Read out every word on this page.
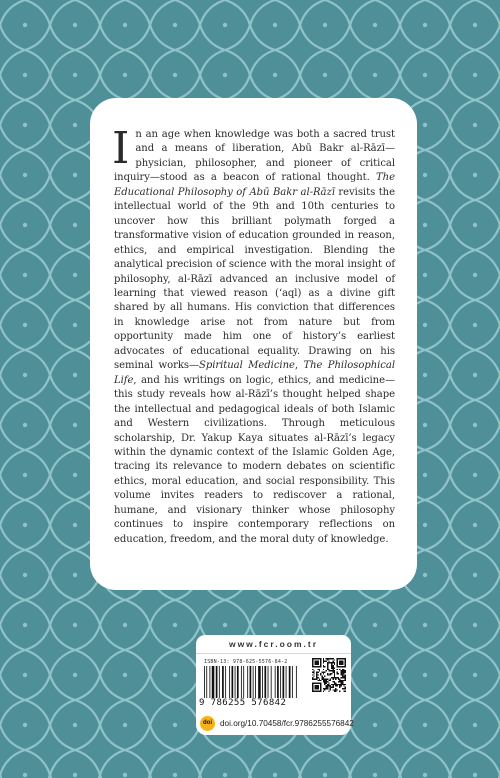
In an age when knowledge was both a sacred trust and a means of liberation, Abū Bakr al-Rāzī—physician, philosopher, and pioneer of critical inquiry—stood as a beacon of rational thought. The Educational Philosophy of Abū Bakr al-Rāzī revisits the intellectual world of the 9th and 10th centuries to uncover how this brilliant polymath forged a transformative vision of education grounded in reason, ethics, and empirical investigation. Blending the analytical precision of science with the moral insight of philosophy, al-Rāzī advanced an inclusive model of learning that viewed reason (‘aql) as a divine gift shared by all humans. His conviction that differences in knowledge arise not from nature but from opportunity made him one of history’s earliest advocates of educational equality. Drawing on his seminal works—Spiritual Medicine, The Philosophical Life, and his writings on logic, ethics, and medicine—this study reveals how al-Rāzī’s thought helped shape the intellectual and pedagogical ideals of both Islamic and Western civilizations. Through meticulous scholarship, Dr. Yakup Kaya situates al-Rāzī’s legacy within the dynamic context of the Islamic Golden Age, tracing its relevance to modern debates on scientific ethics, moral education, and social responsibility. This volume invites readers to rediscover a rational, humane, and visionary thinker whose philosophy continues to inspire contemporary reflections on education, freedom, and the moral duty of knowledge.

www.fcr.oom.tr
ISBN-13: 978-625-5576-84-2
9 786255 576842
doi doi.org/10.70458/fcr.9786255576842
